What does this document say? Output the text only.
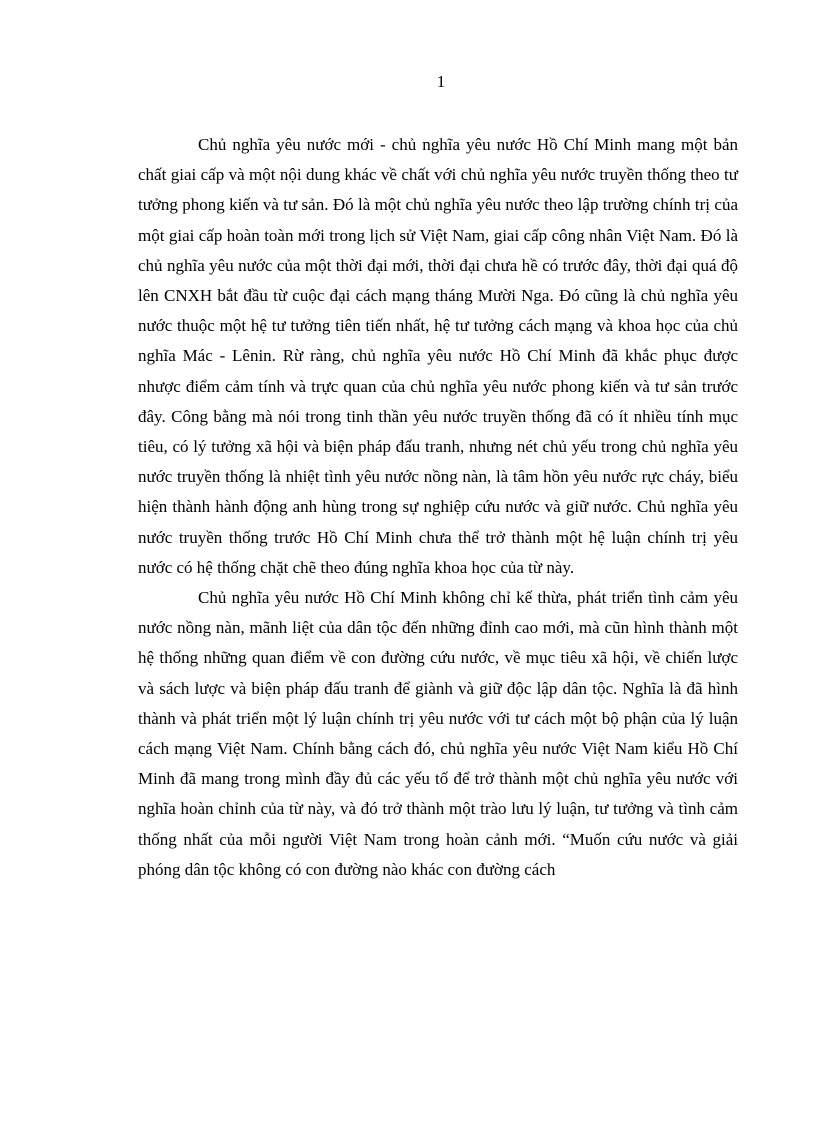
1

Chủ nghĩa yêu nước mới - chủ nghĩa yêu nước Hồ Chí Minh mang một bản chất giai cấp và một nội dung khác về chất với chủ nghĩa yêu nước truyền thống theo tư tưởng phong kiến và tư sản. Đó là một chủ nghĩa yêu nước theo lập trường chính trị của một giai cấp hoàn toàn mới trong lịch sử Việt Nam, giai cấp công nhân Việt Nam. Đó là chủ nghĩa yêu nước của một thời đại mới, thời đại chưa hề có trước đây, thời đại quá độ lên CNXH bắt đầu từ cuộc đại cách mạng tháng Mười Nga. Đó cũng là chủ nghĩa yêu nước thuộc một hệ tư tưởng tiên tiến nhất, hệ tư tưởng cách mạng và khoa học của chủ nghĩa Mác - Lênin. Rừ ràng, chủ nghĩa yêu nước Hồ Chí Minh đã khắc phục được nhược điểm cảm tính và trực quan của chủ nghĩa yêu nước phong kiến và tư sản trước đây. Công bằng mà nói trong tinh thần yêu nước truyền thống đã có ít nhiều tính mục tiêu, có lý tưởng xã hội và biện pháp đấu tranh, nhưng nét chủ yếu trong chủ nghĩa yêu nước truyền thống là nhiệt tình yêu nước nồng nàn, là tâm hồn yêu nước rực cháy, biểu hiện thành hành động anh hùng trong sự nghiệp cứu nước và giữ nước. Chủ nghĩa yêu nước truyền thống trước Hồ Chí Minh chưa thể trở thành một hệ luận chính trị yêu nước có hệ thống chặt chẽ theo đúng nghĩa khoa học của từ này.

Chủ nghĩa yêu nước Hồ Chí Minh không chỉ kế thừa, phát triển tình cảm yêu nước nồng nàn, mãnh liệt của dân tộc đến những đỉnh cao mới, mà cũn hình thành một hệ thống những quan điểm về con đường cứu nước, về mục tiêu xã hội, về chiến lược và sách lược và biện pháp đấu tranh để giành và giữ độc lập dân tộc. Nghĩa là đã hình thành và phát triển một lý luận chính trị yêu nước với tư cách một bộ phận của lý luận cách mạng Việt Nam. Chính bằng cách đó, chủ nghĩa yêu nước Việt Nam kiểu Hồ Chí Minh đã mang trong mình đầy đủ các yếu tố để trở thành một chủ nghĩa yêu nước với nghĩa hoàn chỉnh của từ này, và đó trở thành một trào lưu lý luận, tư tưởng và tình cảm thống nhất của mỗi người Việt Nam trong hoàn cảnh mới. “Muốn cứu nước và giải phóng dân tộc không có con đường nào khác con đường cách
